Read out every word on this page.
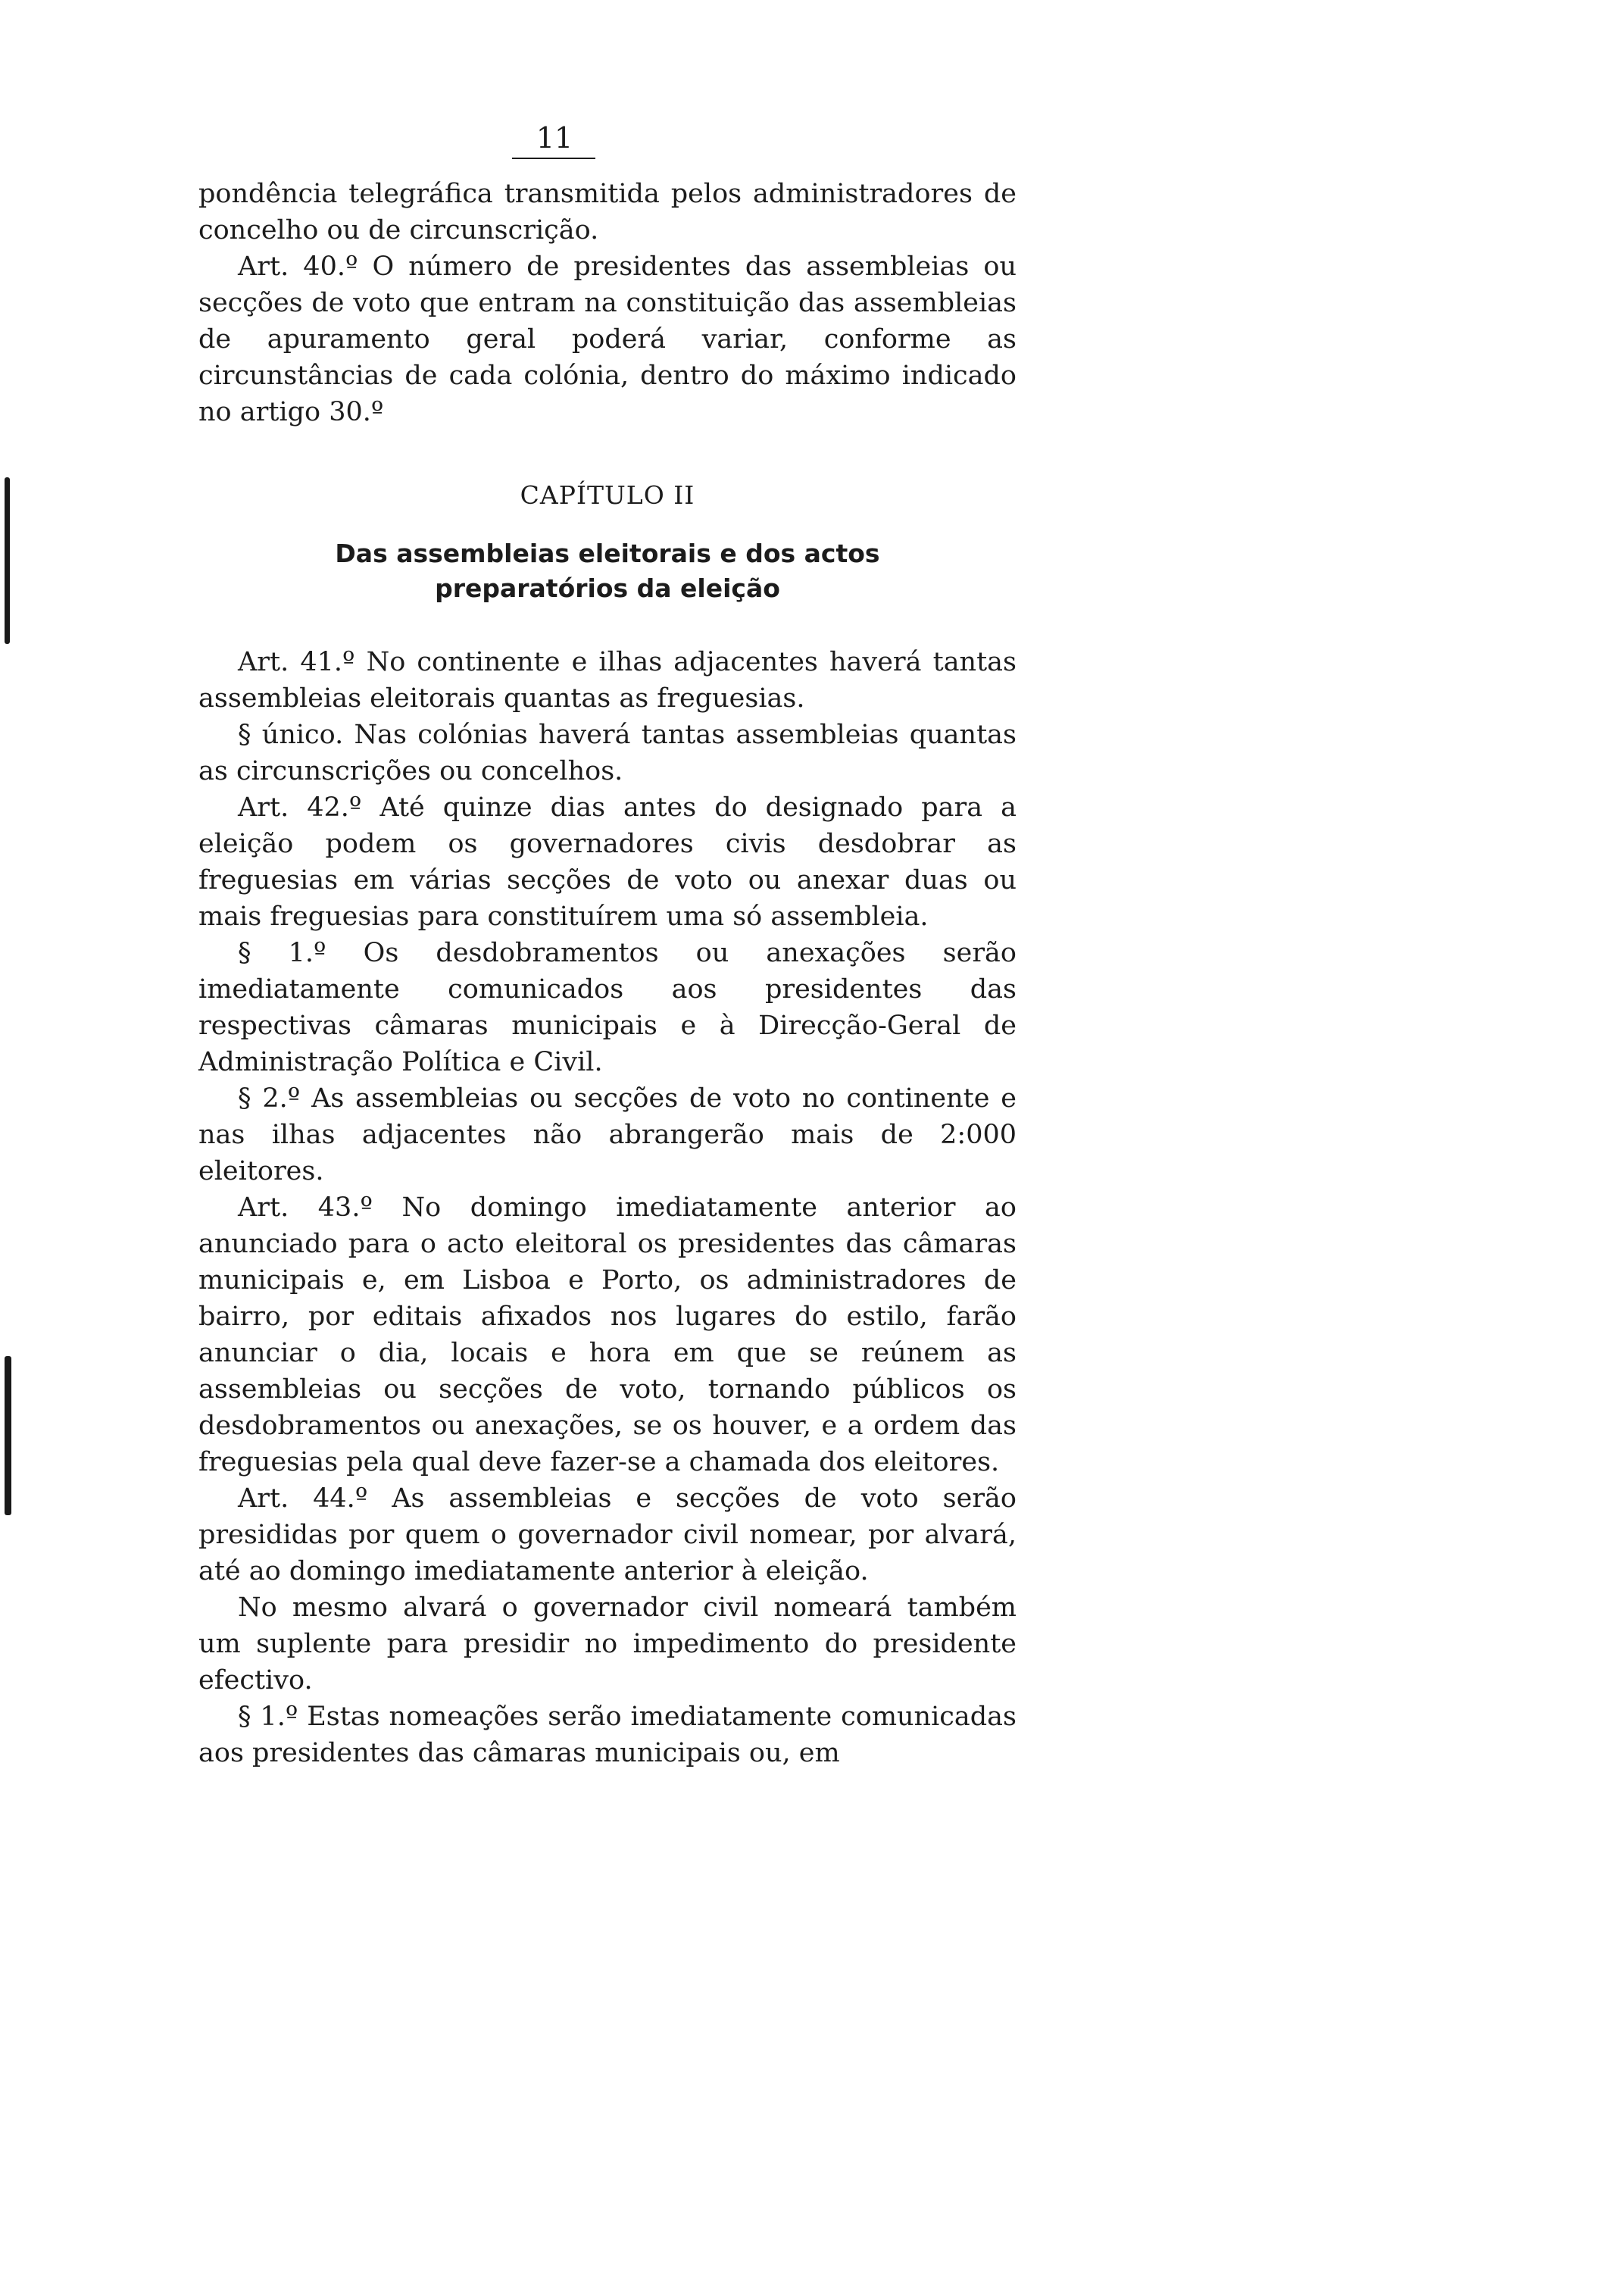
11

pondência telegráfica transmitida pelos administradores de concelho ou de circunscrição.

Art. 40.º O número de presidentes das assembleias ou secções de voto que entram na constituição das assembleias de apuramento geral poderá variar, conforme as circunstâncias de cada colónia, dentro do máximo indicado no artigo 30.º

CAPÍTULO II
Das assembleias eleitorais e dos actos
preparatórios da eleição

Art. 41.º No continente e ilhas adjacentes haverá tantas assembleias eleitorais quantas as freguesias.

§ único. Nas colónias haverá tantas assembleias quantas as circunscrições ou concelhos.

Art. 42.º Até quinze dias antes do designado para a eleição podem os governadores civis desdobrar as freguesias em várias secções de voto ou anexar duas ou mais freguesias para constituírem uma só assembleia.

§ 1.º Os desdobramentos ou anexações serão imediatamente comunicados aos presidentes das respectivas câmaras municipais e à Direcção-Geral de Administração Política e Civil.

§ 2.º As assembleias ou secções de voto no continente e nas ilhas adjacentes não abrangerão mais de 2:000 eleitores.

Art. 43.º No domingo imediatamente anterior ao anunciado para o acto eleitoral os presidentes das câmaras municipais e, em Lisboa e Porto, os administradores de bairro, por editais afixados nos lugares do estilo, farão anunciar o dia, locais e hora em que se reúnem as assembleias ou secções de voto, tornando públicos os desdobramentos ou anexações, se os houver, e a ordem das freguesias pela qual deve fazer-se a chamada dos eleitores.

Art. 44.º As assembleias e secções de voto serão presididas por quem o governador civil nomear, por alvará, até ao domingo imediatamente anterior à eleição.

No mesmo alvará o governador civil nomeará também um suplente para presidir no impedimento do presidente efectivo.

§ 1.º Estas nomeações serão imediatamente comunicadas aos presidentes das câmaras municipais ou, em
